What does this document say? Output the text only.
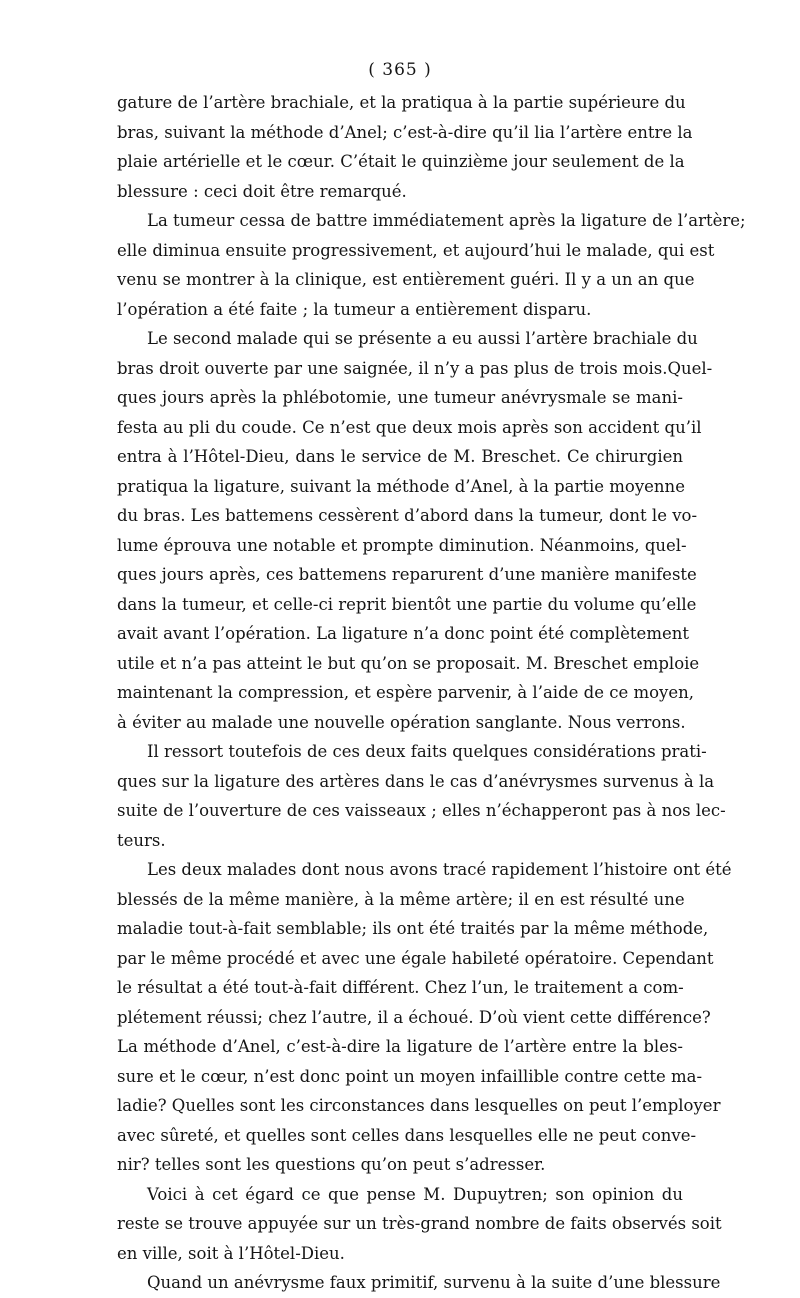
( 365 )
gature de l’artère brachiale, et la pratiqua à la partie supérieure du
bras, suivant la méthode d’Anel; c’est-à-dire qu’il lia l’artère entre la
plaie artérielle et le cœur. C’était le quinzième jour seulement de la
blessure : ceci doit être remarqué.
La tumeur cessa de battre immédiatement après la ligature de l’artère;
elle diminua ensuite progressivement, et aujourd’hui le malade, qui est
venu se montrer à la clinique, est entièrement guéri. Il y a un an que
l’opération a été faite ; la tumeur a entièrement disparu.
Le second malade qui se présente a eu aussi l’artère brachiale du
bras droit ouverte par une saignée, il n’y a pas plus de trois mois.Quel-
ques jours après la phlébotomie, une tumeur anévrysmale se mani-
festa au pli du coude. Ce n’est que deux mois après son accident qu’il
entra à l’Hôtel-Dieu, dans le service de M. Breschet. Ce chirurgien
pratiqua la ligature, suivant la méthode d’Anel, à la partie moyenne
du bras. Les battemens cessèrent d’abord dans la tumeur, dont le vo-
lume éprouva une notable et prompte diminution. Néanmoins, quel-
ques jours après, ces battemens reparurent d’une manière manifeste
dans la tumeur, et celle-ci reprit bientôt une partie du volume qu’elle
avait avant l’opération. La ligature n’a donc point été complètement
utile et n’a pas atteint le but qu’on se proposait. M. Breschet emploie
maintenant la compression, et espère parvenir, à l’aide de ce moyen,
à éviter au malade une nouvelle opération sanglante. Nous verrons.
Il ressort toutefois de ces deux faits quelques considérations prati-
ques sur la ligature des artères dans le cas d’anévrysmes survenus à la
suite de l’ouverture de ces vaisseaux ; elles n’échapperont pas à nos lec-
teurs.
Les deux malades dont nous avons tracé rapidement l’histoire ont été
blessés de la même manière, à la même artère; il en est résulté une
maladie tout-à-fait semblable; ils ont été traités par la même méthode,
par le même procédé et avec une égale habileté opératoire. Cependant
le résultat a été tout-à-fait différent. Chez l’un, le traitement a com-
plétement réussi; chez l’autre, il a échoué. D’où vient cette différence?
La méthode d’Anel, c’est-à-dire la ligature de l’artère entre la bles-
sure et le cœur, n’est donc point un moyen infaillible contre cette ma-
ladie? Quelles sont les circonstances dans lesquelles on peut l’employer
avec sûreté, et quelles sont celles dans lesquelles elle ne peut conve-
nir? telles sont les questions qu’on peut s’adresser.
Voici à cet égard ce que pense M. Dupuytren; son opinion du
reste se trouve appuyée sur un très-grand nombre de faits observés soit
en ville, soit à l’Hôtel-Dieu.
Quand un anévrysme faux primitif, survenu à la suite d’une blessure
